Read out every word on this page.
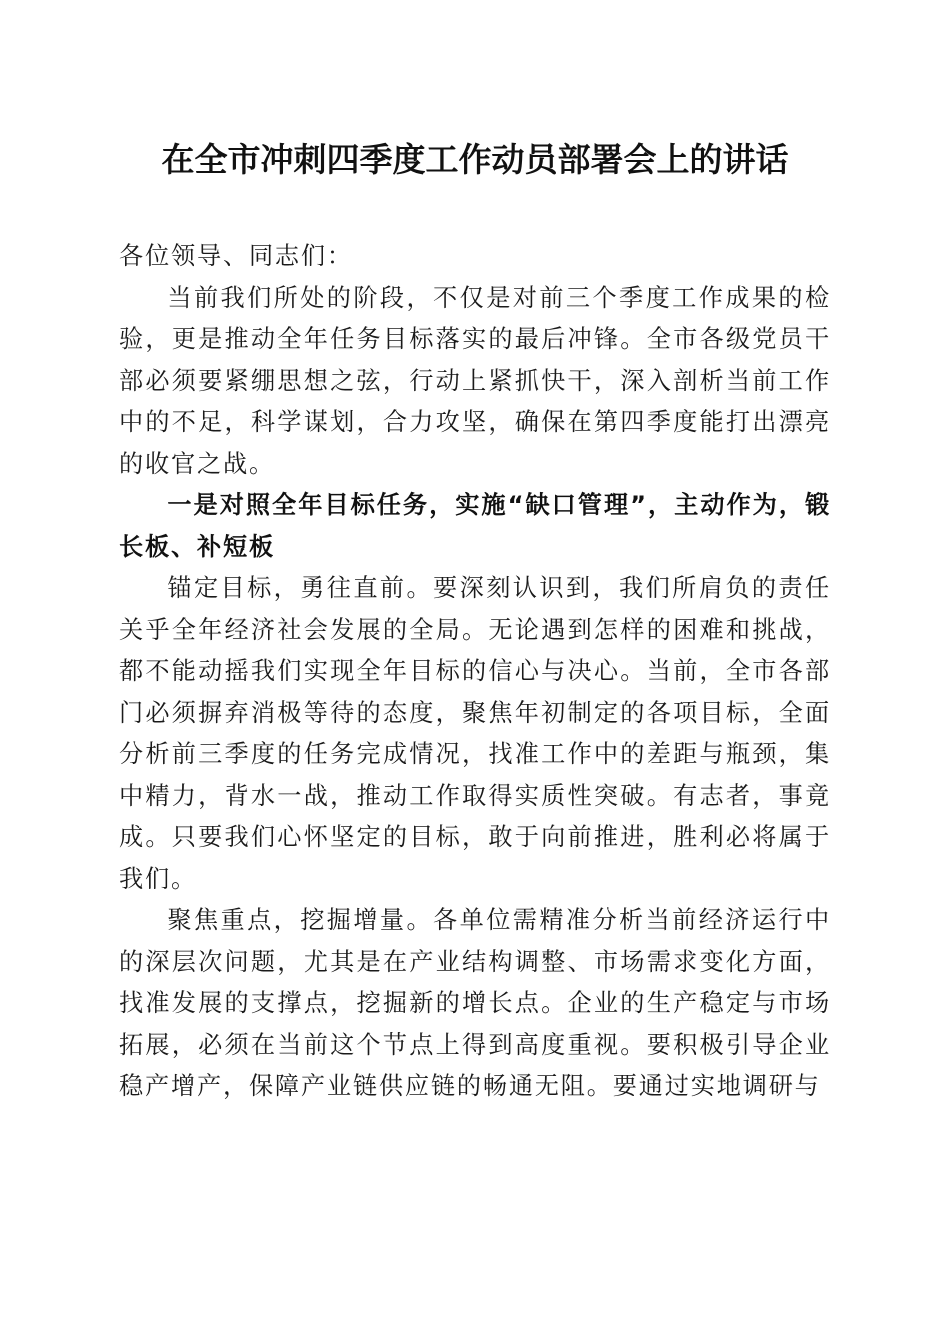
在全市冲刺四季度工作动员部署会上的讲话

各位领导、同志们：

当前我们所处的阶段，不仅是对前三个季度工作成果的检验，更是推动全年任务目标落实的最后冲锋。全市各级党员干部必须要紧绷思想之弦，行动上紧抓快干，深入剖析当前工作中的不足，科学谋划，合力攻坚，确保在第四季度能打出漂亮的收官之战。

一是对照全年目标任务，实施“缺口管理”，主动作为，锻长板、补短板

锚定目标，勇往直前。要深刻认识到，我们所肩负的责任关乎全年经济社会发展的全局。无论遇到怎样的困难和挑战，都不能动摇我们实现全年目标的信心与决心。当前，全市各部门必须摒弃消极等待的态度，聚焦年初制定的各项目标，全面分析前三季度的任务完成情况，找准工作中的差距与瓶颈，集中精力，背水一战，推动工作取得实质性突破。有志者，事竟成。只要我们心怀坚定的目标，敢于向前推进，胜利必将属于我们。

聚焦重点，挖掘增量。各单位需精准分析当前经济运行中的深层次问题，尤其是在产业结构调整、市场需求变化方面，找准发展的支撑点，挖掘新的增长点。企业的生产稳定与市场拓展，必须在当前这个节点上得到高度重视。要积极引导企业稳产增产，保障产业链供应链的畅通无阻。要通过实地调研与
